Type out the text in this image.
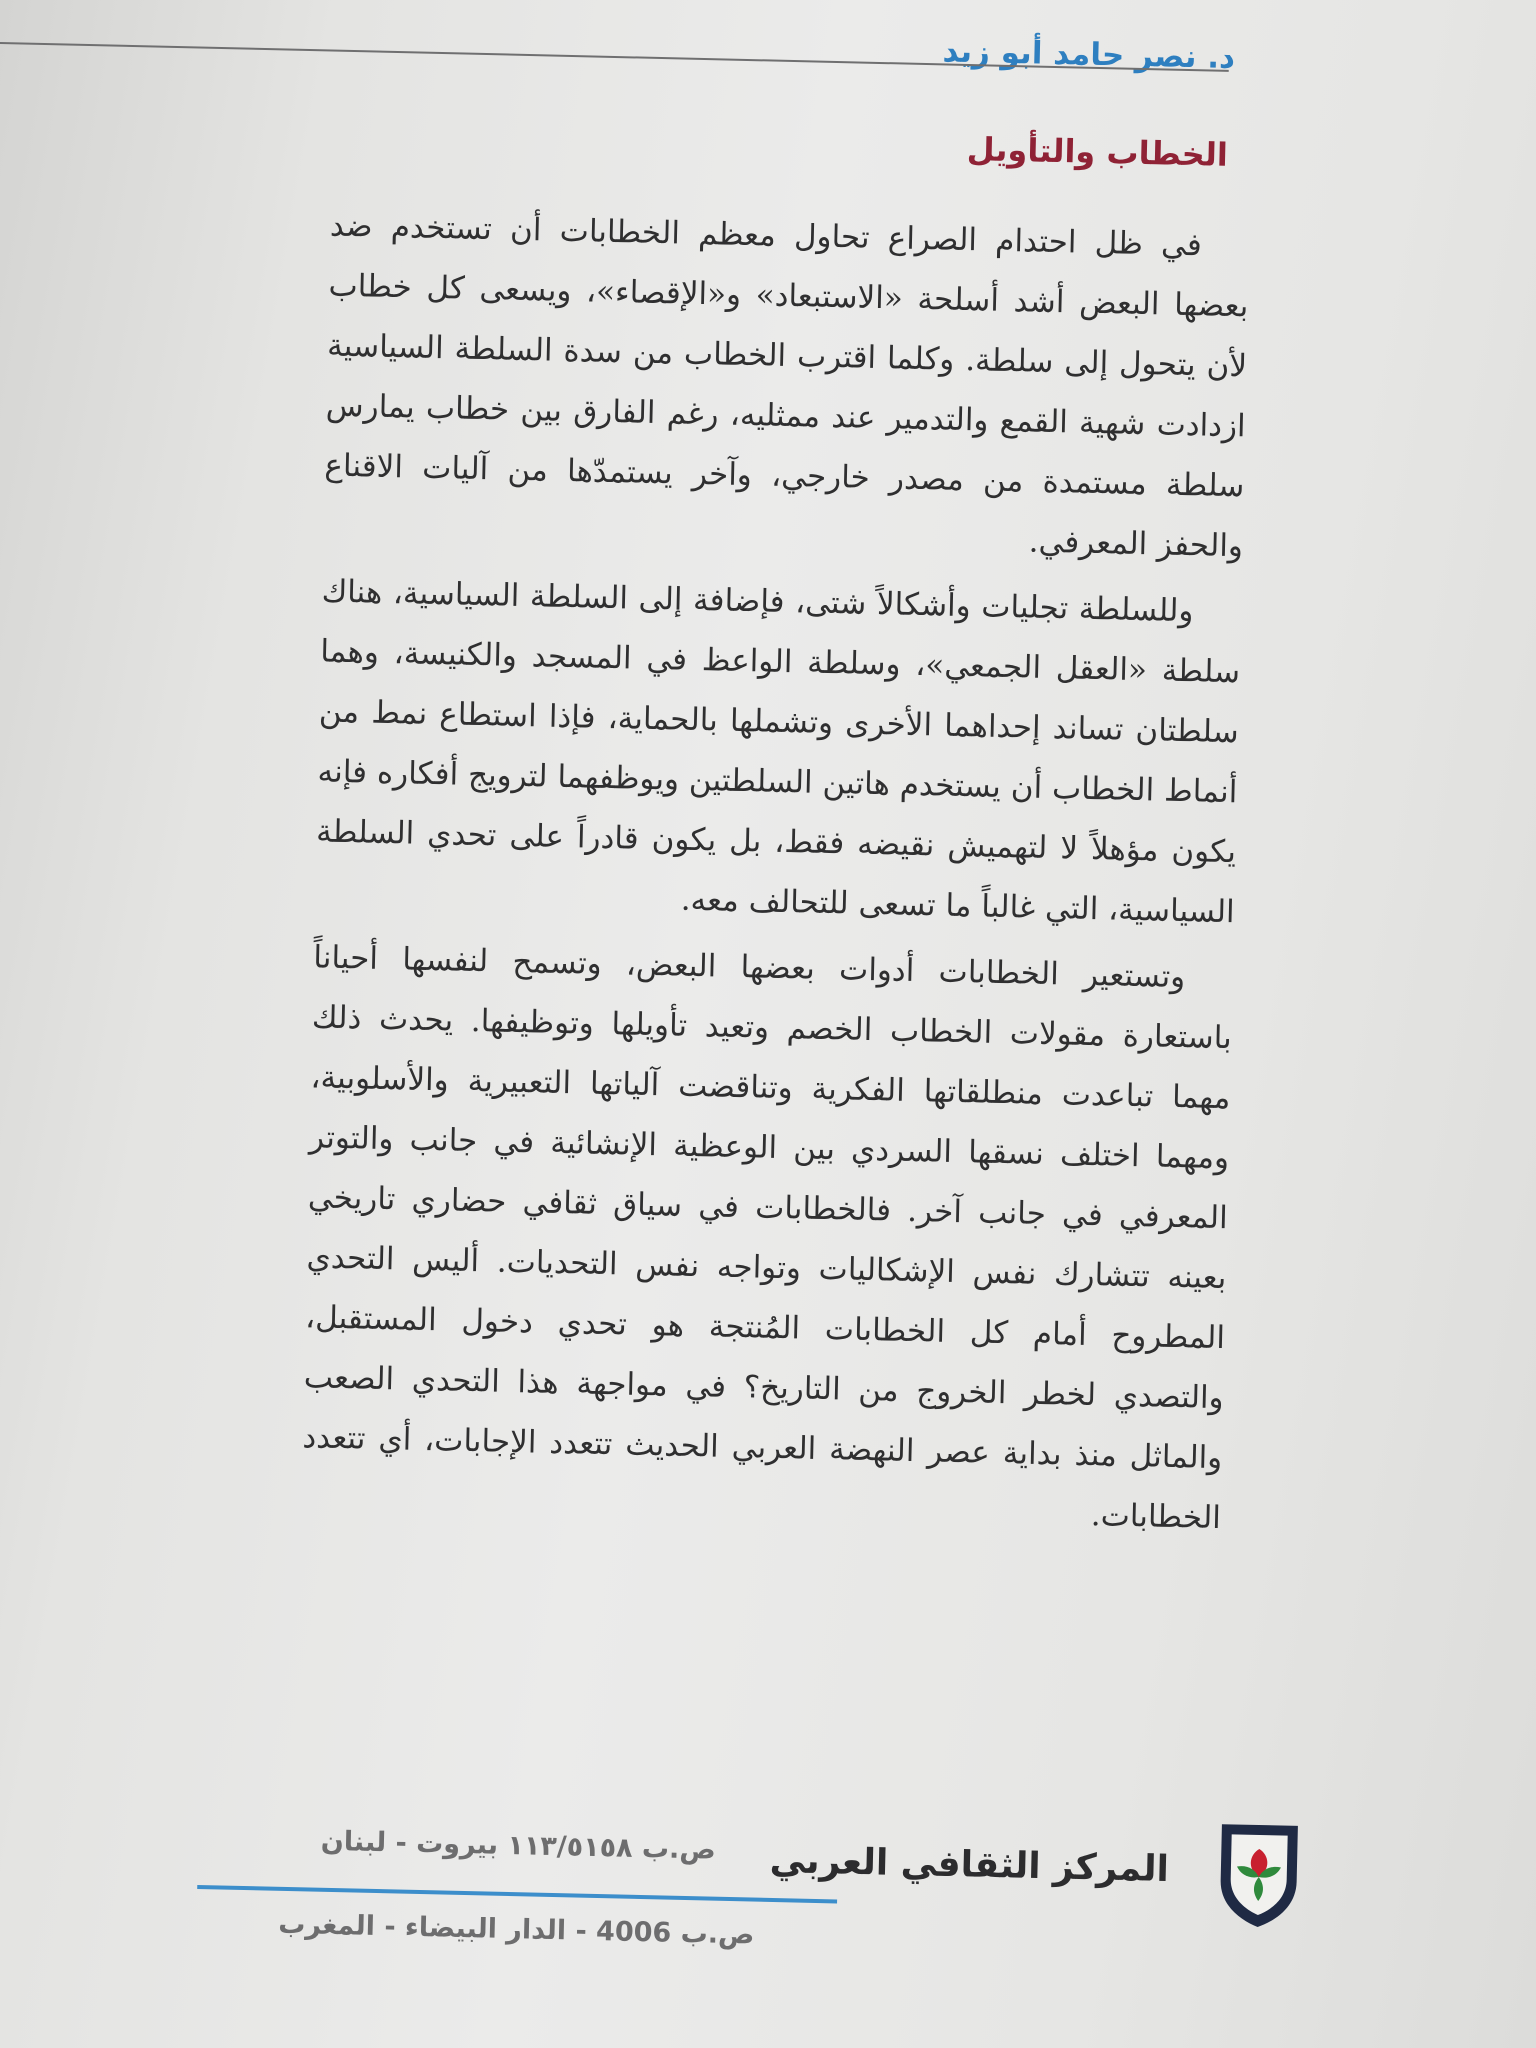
د. نصر حامد أبو زيد
الخطاب والتأويل

في ظل احتدام الصراع تحاول معظم الخطابات أن تستخدم ضد بعضها البعض أشد أسلحة «الاستبعاد» و«الإقصاء»، ويسعى كل خطاب لأن يتحول إلى سلطة. وكلما اقترب الخطاب من سدة السلطة السياسية ازدادت شهية القمع والتدمير عند ممثليه، رغم الفارق بين خطاب يمارس سلطة مستمدة من مصدر خارجي، وآخر يستمدّها من آليات الاقناع والحفز المعرفي.

وللسلطة تجليات وأشكالاً شتى، فإضافة إلى السلطة السياسية، هناك سلطة «العقل الجمعي»، وسلطة الواعظ في المسجد والكنيسة، وهما سلطتان تساند إحداهما الأخرى وتشملها بالحماية، فإذا استطاع نمط من أنماط الخطاب أن يستخدم هاتين السلطتين ويوظفهما لترويج أفكاره فإنه يكون مؤهلاً لا لتهميش نقيضه فقط، بل يكون قادراً على تحدي السلطة السياسية، التي غالباً ما تسعى للتحالف معه.

وتستعير الخطابات أدوات بعضها البعض، وتسمح لنفسها أحياناً باستعارة مقولات الخطاب الخصم وتعيد تأويلها وتوظيفها. يحدث ذلك مهما تباعدت منطلقاتها الفكرية وتناقضت آلياتها التعبيرية والأسلوبية، ومهما اختلف نسقها السردي بين الوعظية الإنشائية في جانب والتوتر المعرفي في جانب آخر. فالخطابات في سياق ثقافي حضاري تاريخي بعينه تتشارك نفس الإشكاليات وتواجه نفس التحديات. أليس التحدي المطروح أمام كل الخطابات المُنتجة هو تحدي دخول المستقبل، والتصدي لخطر الخروج من التاريخ؟ في مواجهة هذا التحدي الصعب والماثل منذ بداية عصر النهضة العربي الحديث تتعدد الإجابات، أي تتعدد الخطابات.

المركز الثقافي العربي

ص.ب ١١٣/٥١٥٨ بيروت - لبنان

ص.ب 4006 - الدار البيضاء - المغرب
